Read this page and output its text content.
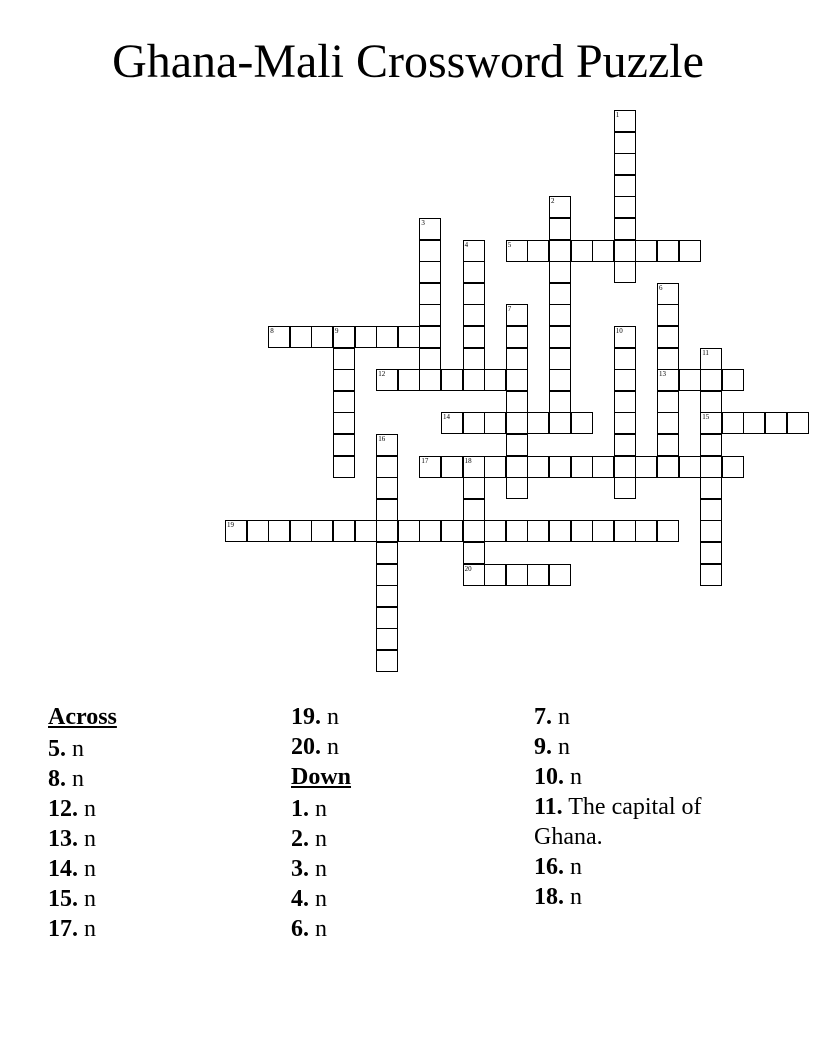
Ghana-Mali Crossword Puzzle
1
2
3
4	5
6
13
7
8	9	10
11
15
12
14
16
17	18
19
20
Across
5. n
8. n
12. n
13. n
14. n
15. n
17. n
19. n
20. n
Down
1. n
2. n
3. n
4. n
6. n
7. n
9. n
10. n
11. The capital of Ghana.
16. n
18. n
